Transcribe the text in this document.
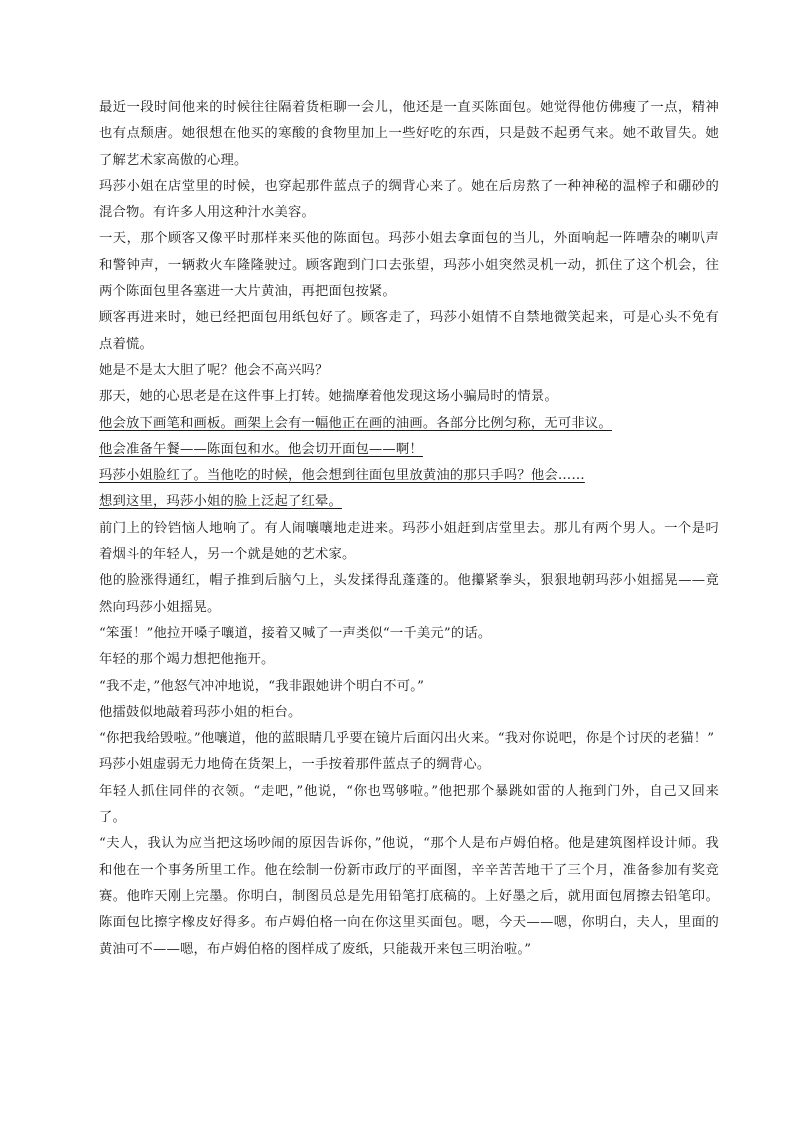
最近一段时间他来的时候往往隔着货柜聊一会儿，他还是一直买陈面包。她觉得他仿佛瘦了一点，精神也有点颓唐。她很想在他买的寒酸的食物里加上一些好吃的东西，只是鼓不起勇气来。她不敢冒失。她了解艺术家高傲的心理。

玛莎小姐在店堂里的时候，也穿起那件蓝点子的绸背心来了。她在后房熬了一种神秘的温榨子和硼砂的混合物。有许多人用这种汁水美容。

一天，那个顾客又像平时那样来买他的陈面包。玛莎小姐去拿面包的当儿，外面响起一阵嘈杂的喇叭声和警钟声，一辆救火车隆隆驶过。顾客跑到门口去张望，玛莎小姐突然灵机一动，抓住了这个机会，往两个陈面包里各塞进一大片黄油，再把面包按紧。

顾客再进来时，她已经把面包用纸包好了。顾客走了，玛莎小姐情不自禁地微笑起来，可是心头不免有点着慌。

她是不是太大胆了呢？他会不高兴吗？

那天，她的心思老是在这件事上打转。她揣摩着他发现这场小骗局时的情景。

他会放下画笔和画板。画架上会有一幅他正在画的油画。各部分比例匀称，无可非议。

他会准备午餐——陈面包和水。他会切开面包——啊！

玛莎小姐脸红了。当他吃的时候，他会想到往面包里放黄油的那只手吗？他会……

想到这里，玛莎小姐的脸上泛起了红晕。

前门上的铃铛恼人地响了。有人闹嚷嚷地走进来。玛莎小姐赶到店堂里去。那儿有两个男人。一个是叼着烟斗的年轻人，另一个就是她的艺术家。

他的脸涨得通红，帽子推到后脑勺上，头发揉得乱蓬蓬的。他攥紧拳头，狠狠地朝玛莎小姐摇晃——竟然向玛莎小姐摇晃。

“笨蛋！”他拉开嗓子嚷道，接着又喊了一声类似“一千美元”的话。

年轻的那个竭力想把他拖开。

“我不走，”他怒气冲冲地说，“我非跟她讲个明白不可。”

他擂鼓似地敲着玛莎小姐的柜台。

“你把我给毁啦。”他嚷道，他的蓝眼睛几乎要在镜片后面闪出火来。“我对你说吧，你是个讨厌的老猫！”

玛莎小姐虚弱无力地倚在货架上，一手按着那件蓝点子的绸背心。

年轻人抓住同伴的衣领。“走吧，”他说，“你也骂够啦。”他把那个暴跳如雷的人拖到门外，自己又回来了。

“夫人，我认为应当把这场吵闹的原因告诉你，”他说，“那个人是布卢姆伯格。他是建筑图样设计师。我和他在一个事务所里工作。他在绘制一份新市政厅的平面图，辛辛苦苦地干了三个月，准备参加有奖竞赛。他昨天刚上完墨。你明白，制图员总是先用铅笔打底稿的。上好墨之后，就用面包屑擦去铅笔印。陈面包比擦字橡皮好得多。布卢姆伯格一向在你这里买面包。嗯，今天——嗯，你明白，夫人，里面的黄油可不——嗯，布卢姆伯格的图样成了废纸，只能裁开来包三明治啦。”
